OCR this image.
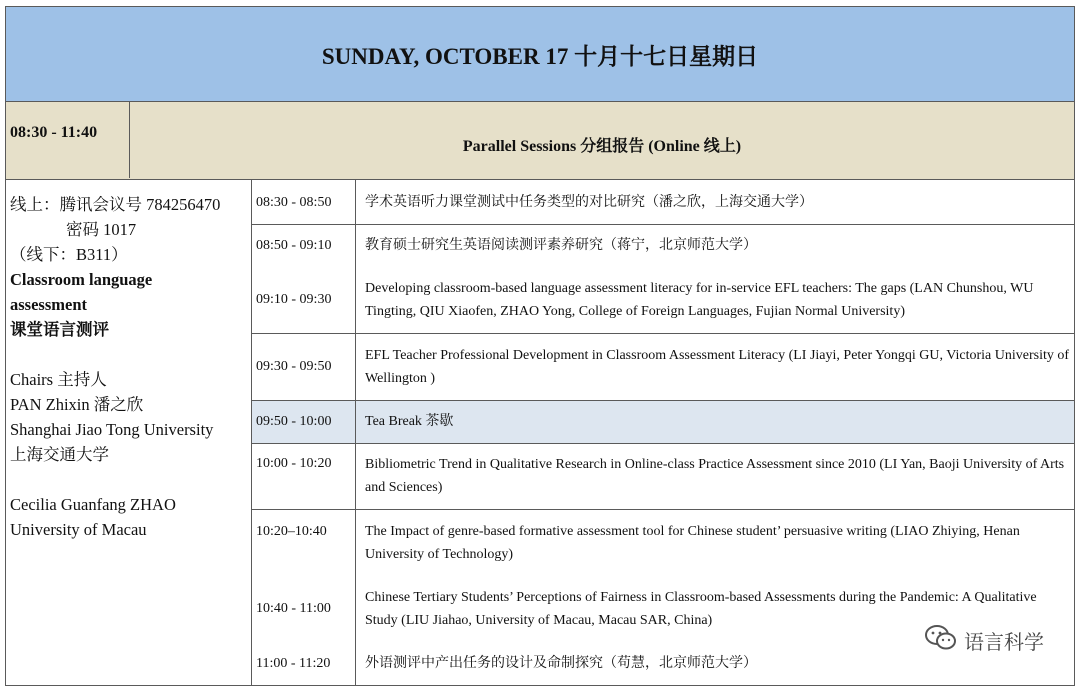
SUNDAY, OCTOBER 17 十月十七日星期日
08:30 - 11:40
Parallel Sessions 分组报告 (Online 线上)
线上：腾讯会议号 784256470
密码 1017
（线下：B311）
Classroom language
assessment
课堂语言测评
Chairs 主持人
PAN Zhixin 潘之欣
Shanghai Jiao Tong University
上海交通大学
Cecilia Guanfang ZHAO
University of Macau
08:30 - 08:50 学术英语听力课堂测试中任务类型的对比研究（潘之欣，上海交通大学）
08:50 - 09:10 教育硕士研究生英语阅读测评素养研究（蒋宁，北京师范大学）
09:10 - 09:30
Developing classroom-based language assessment literacy for in-service EFL teachers: The gaps (LAN Chunshou, WU Tingting, QIU Xiaofen, ZHAO Yong, College of Foreign Languages, Fujian Normal University)
09:30 - 09:50
EFL Teacher Professional Development in Classroom Assessment Literacy (LI Jiayi, Peter Yongqi GU, Victoria University of Wellington )
09:50 - 10:00 Tea Break 茶歇
10:00 - 10:20 Bibliometric Trend in Qualitative Research in Online-class Practice Assessment since 2010 (LI Yan, Baoji University of Arts and Sciences)
10:20–10:40	The Impact of genre-based formative assessment tool for Chinese student’ persuasive writing (LIAO Zhiying, Henan University of Technology)
10:40 - 11:00
Chinese Tertiary Students’ Perceptions of Fairness in Classroom-based Assessments during the Pandemic: A Qualitative Study (LIU Jiahao, University of Macau, Macau SAR, China)
11:00 - 11:20 外语测评中产出任务的设计及命制探究（苟慧，北京师范大学）
语言科学
